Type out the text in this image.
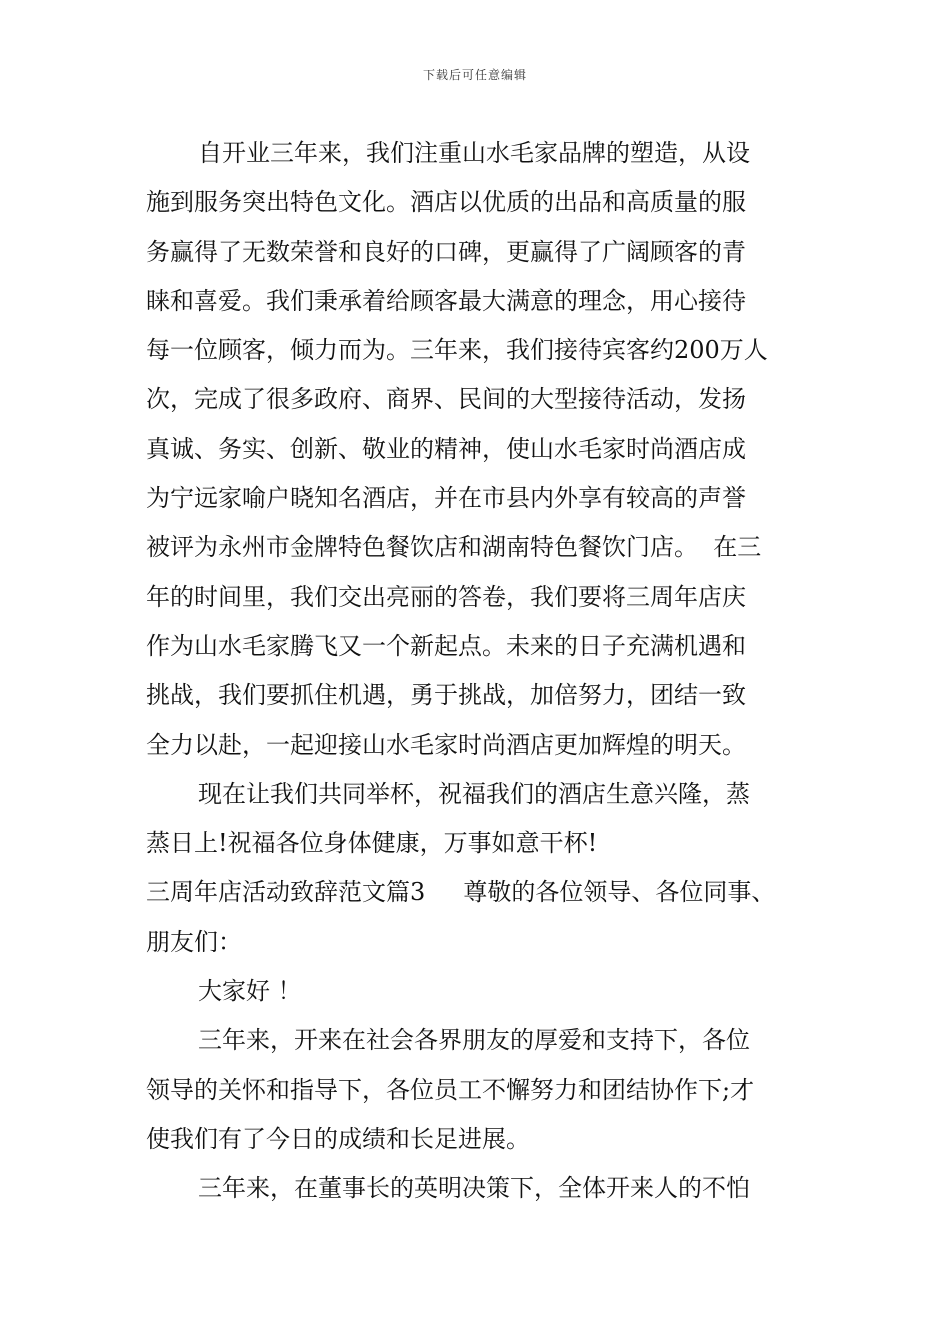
下载后可任意编辑
自开业三年来，我们注重山水毛家品牌的塑造，从设
施到服务突出特色文化。酒店以优质的出品和高质量的服
务赢得了无数荣誉和良好的口碑，更赢得了广阔顾客的青
睐和喜爱。我们秉承着给顾客最大满意的理念，用心接待
每一位顾客，倾力而为。三年来，我们接待宾客约200万人
次，完成了很多政府、商界、民间的大型接待活动，发扬
真诚、务实、创新、敬业的精神，使山水毛家时尚酒店成
为宁远家喻户晓知名酒店，并在市县内外享有较高的声誉
被评为永州市金牌特色餐饮店和湖南特色餐饮门店。  在三
年的时间里，我们交出亮丽的答卷，我们要将三周年店庆
作为山水毛家腾飞又一个新起点。未来的日子充满机遇和
挑战，我们要抓住机遇，勇于挑战，加倍努力，团结一致
全力以赴，一起迎接山水毛家时尚酒店更加辉煌的明天。
现在让我们共同举杯，祝福我们的酒店生意兴隆，蒸
蒸日上!祝福各位身体健康，万事如意干杯!
三周年店活动致辞范文篇3     尊敬的各位领导、各位同事、
朋友们：
大家好 ！
三年来，开来在社会各界朋友的厚爱和支持下，各位
领导的关怀和指导下，各位员工不懈努力和团结协作下;才
使我们有了今日的成绩和长足进展。
三年来，在董事长的英明决策下，全体开来人的不怕
